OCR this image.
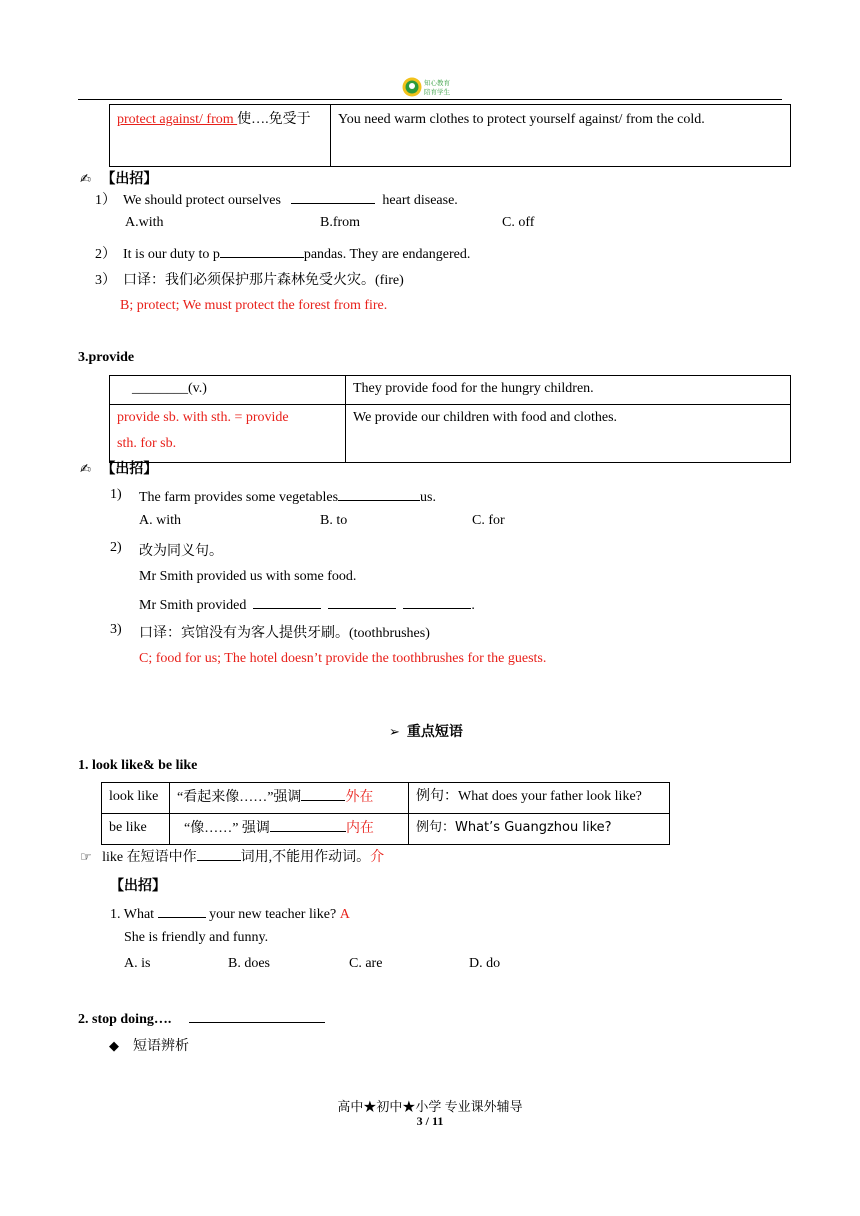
知心教育
陪育学生
protect against/ from 使….免受于	You need warm clothes to protect yourself against/ from the cold.
✍ 【出招】
1） We should protect ourselves	heart disease.
A.with	B.from	C. off
2） It is our duty to p	pandas. They are endangered.
3） 口译：我们必须保护那片森林免受火灾。(fire)
B; protect; We must protect the forest from fire.
3.provide
________(v.)	They provide food for the hungry children.
provide sb. with sth. = provide
sth. for sb.	We provide our children with food and clothes.
✍ 【出招】
1) The farm provides some vegetables	us.
A. with	B. to	C. for
2) 改为同义句。
Mr Smith provided us with some food.
Mr Smith provided	.
3) 口译：宾馆没有为客人提供牙刷。(toothbrushes)
C; food for us; The hotel doesn’t provide the toothbrushes for the guests.
➢ 重点短语
1. look like& be like
look like	“看起来像……”强调 外在	例句：What does your father look like?
be like	“像……” 强调 内在	例句：What’s Guangzhou like?
☞ like 在短语中作	词用,不能用作动词。介
【出招】
1. What	your new teacher like? A
She is friendly and funny.
A. is	B. does	C. are	D. do
2. stop doing….
◆ 短语辨析
高中★初中★小学 专业课外辅导
3 / 11
